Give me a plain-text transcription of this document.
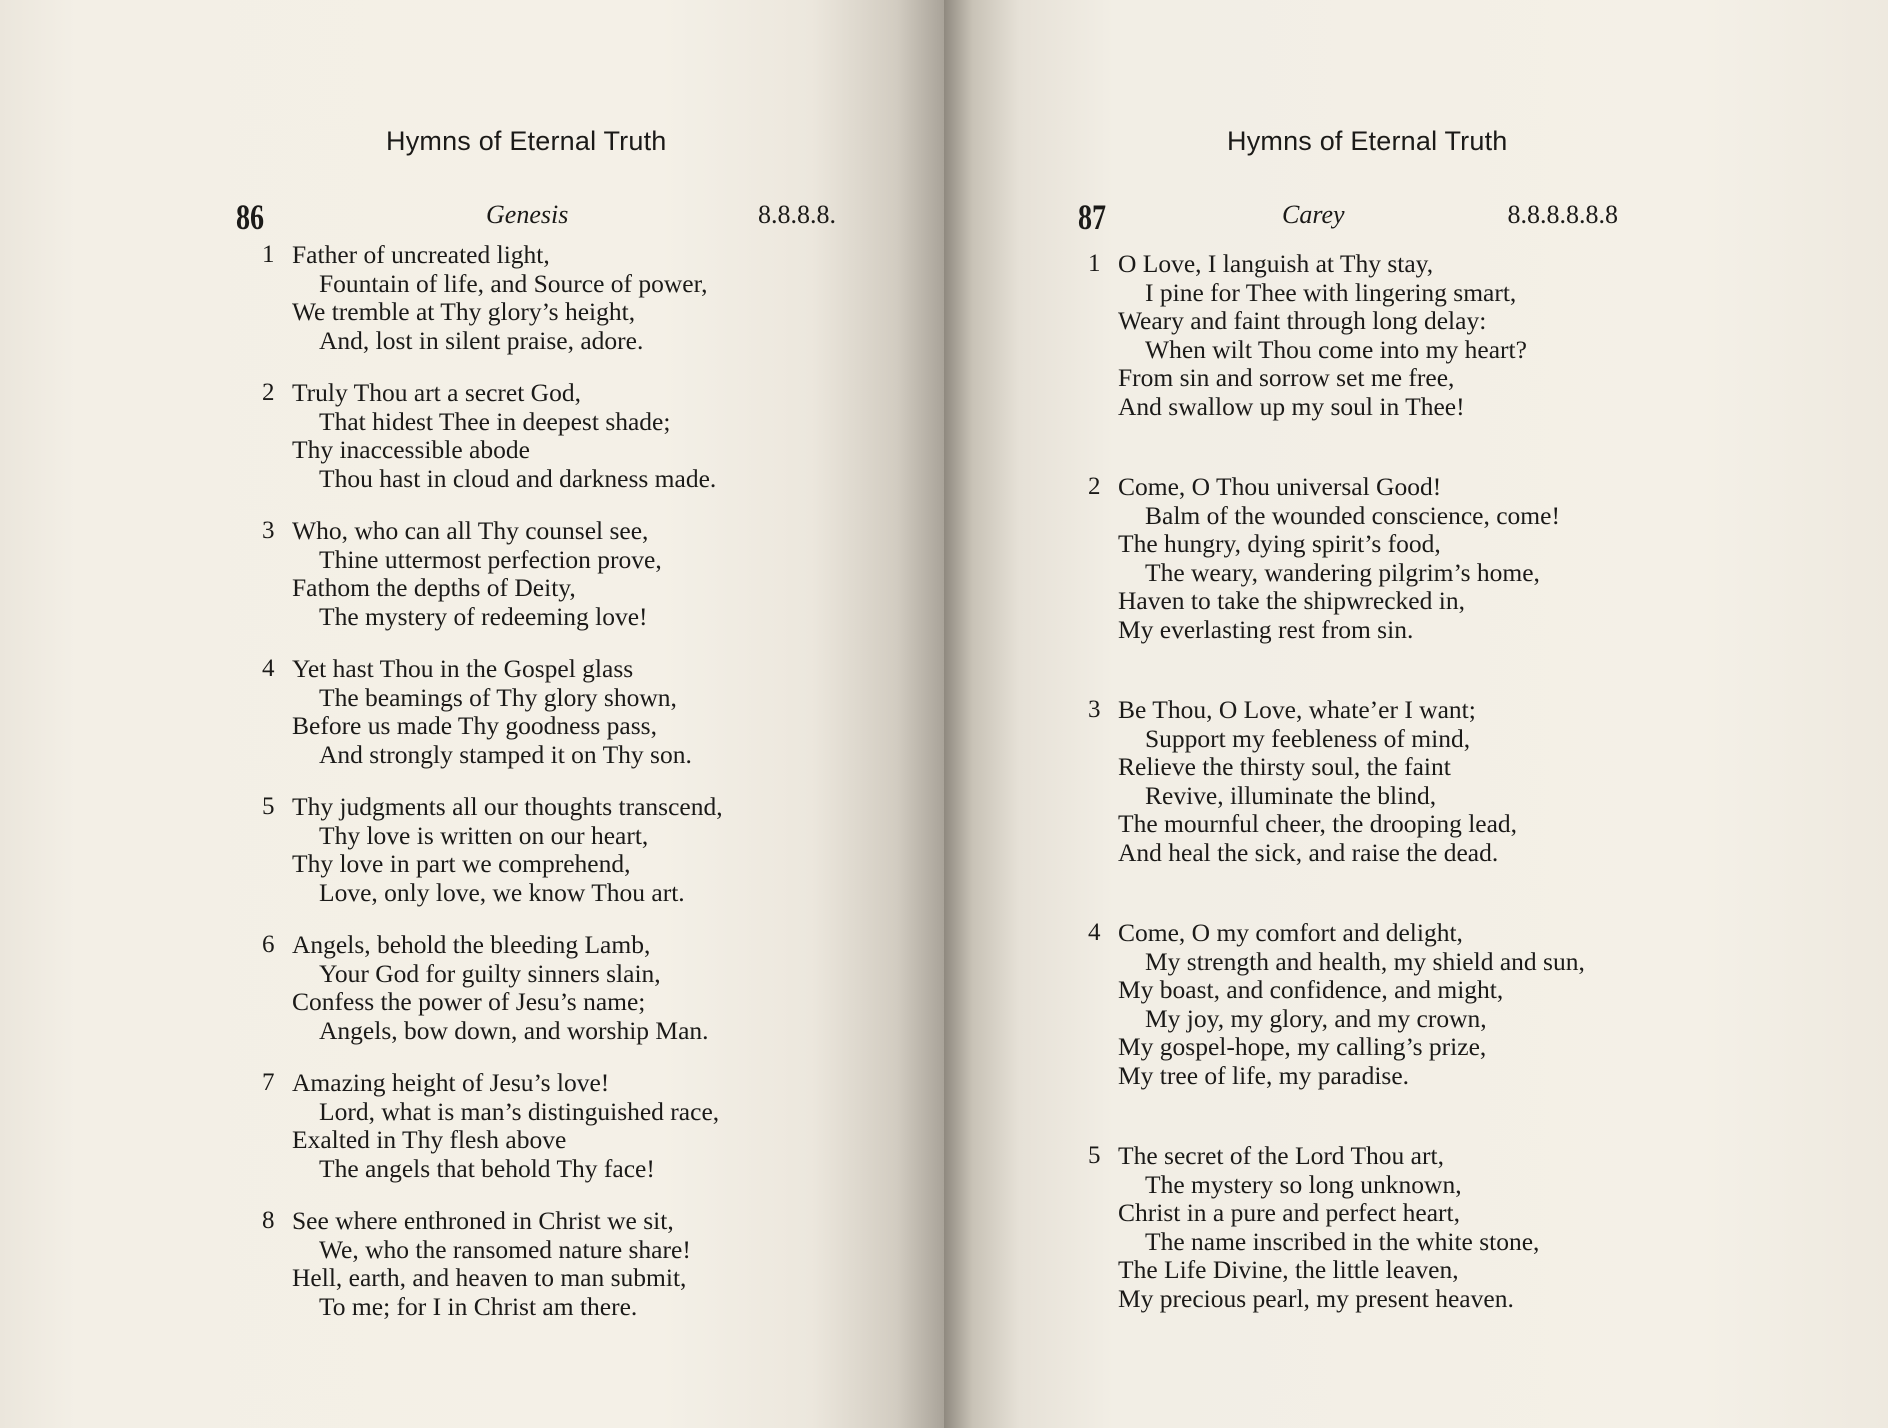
Hymns of Eternal Truth
86	Genesis	8.8.8.8.
1 Father of uncreated light,
Fountain of life, and Source of power,
We tremble at Thy glory’s height,
And, lost in silent praise, adore.
2 Truly Thou art a secret God,
That hidest Thee in deepest shade;
Thy inaccessible abode
Thou hast in cloud and darkness made.
3 Who, who can all Thy counsel see,
Thine uttermost perfection prove,
Fathom the depths of Deity,
The mystery of redeeming love!
4 Yet hast Thou in the Gospel glass
The beamings of Thy glory shown,
Before us made Thy goodness pass,
And strongly stamped it on Thy son.
5 Thy judgments all our thoughts transcend,
Thy love is written on our heart,
Thy love in part we comprehend,
Love, only love, we know Thou art.
6 Angels, behold the bleeding Lamb,
Your God for guilty sinners slain,
Confess the power of Jesu’s name;
Angels, bow down, and worship Man.
7 Amazing height of Jesu’s love!
Lord, what is man’s distinguished race,
Exalted in Thy flesh above
The angels that behold Thy face!
8 See where enthroned in Christ we sit,
We, who the ransomed nature share!
Hell, earth, and heaven to man submit,
To me; for I in Christ am there.
Hymns of Eternal Truth
87	Carey	8.8.8.8.8.8
1 O Love, I languish at Thy stay,
I pine for Thee with lingering smart,
Weary and faint through long delay:
When wilt Thou come into my heart?
From sin and sorrow set me free,
And swallow up my soul in Thee!
2 Come, O Thou universal Good!
Balm of the wounded conscience, come!
The hungry, dying spirit’s food,
The weary, wandering pilgrim’s home,
Haven to take the shipwrecked in,
My everlasting rest from sin.
3 Be Thou, O Love, whate’er I want;
Support my feebleness of mind,
Relieve the thirsty soul, the faint
Revive, illuminate the blind,
The mournful cheer, the drooping lead,
And heal the sick, and raise the dead.
4 Come, O my comfort and delight,
My strength and health, my shield and sun,
My boast, and confidence, and might,
My joy, my glory, and my crown,
My gospel-hope, my calling’s prize,
My tree of life, my paradise.
5 The secret of the Lord Thou art,
The mystery so long unknown,
Christ in a pure and perfect heart,
The name inscribed in the white stone,
The Life Divine, the little leaven,
My precious pearl, my present heaven.
